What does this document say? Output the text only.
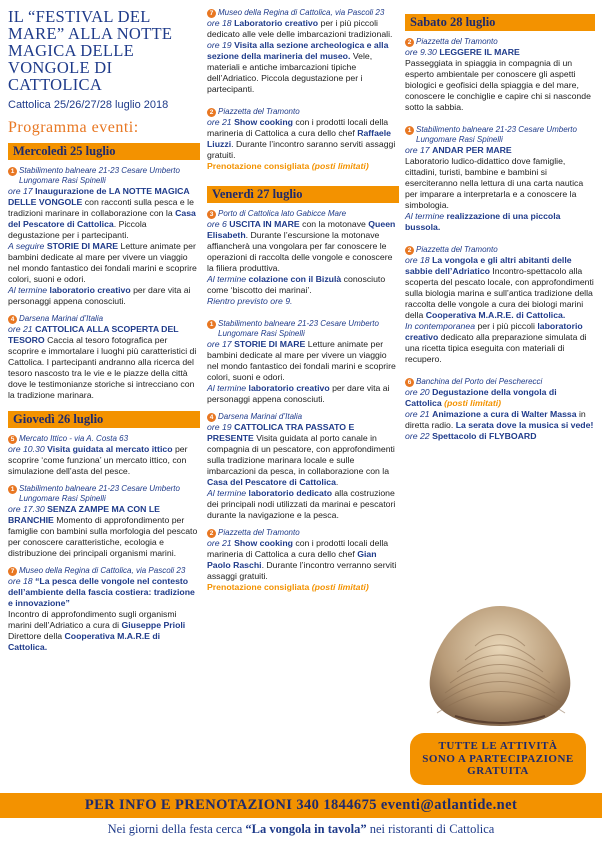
IL “FESTIVAL DEL MARE” ALLA NOTTE MAGICA DELLE VONGOLE DI CATTOLICA
Cattolica 25/26/27/28 luglio 2018
Programma eventi:
Mercoledì 25 luglio
1 Stabilimento balneare 21-23 Cesare Umberto
Lungomare Rasi Spinelli
ore 17 Inaugurazione de LA NOTTE MAGICA DELLE VONGOLE con racconti sulla pesca e le tradizioni marinare in collaborazione con la Casa del Pescatore di Cattolica. Piccola degustazione per i partecipanti.
A seguire STORIE DI MARE Letture animate per bambini dedicate al mare per vivere un viaggio nel mondo fantastico dei fondali marini e scoprire colori, suoni e odori.
Al termine laboratorio creativo per dare vita ai personaggi appena conosciuti.
4 Darsena Marinai d’Italia
ore 21 CATTOLICA ALLA SCOPERTA DEL TESORO Caccia al tesoro fotografica per scoprire e immortalare i luoghi più caratteristici di Cattolica. I partecipanti andranno alla ricerca del tesoro nascosto tra le vie e le piazze della città dove le testimonianze storiche si intrecciano con la tradizione marinara.
Giovedì 26 luglio
5 Mercato Ittico - via A. Costa 63
ore 10.30 Visita guidata al mercato ittico per scoprire ‘come funziona’ un mercato ittico, con simulazione dell’asta del pesce.
1 Stabilimento balneare 21-23 Cesare Umberto
Lungomare Rasi Spinelli
ore 17.30 SENZA ZAMPE MA CON LE BRANCHIE Momento di approfondimento per famiglie con bambini sulla morfologia del pescato per conoscere caratteristiche, ecologia e distribuzione dei principali organismi marini.
7 Museo della Regina di Cattolica, via Pascoli 23
ore 18 “La pesca delle vongole nel contesto dell’ambiente della fascia costiera: tradizione e innovazione”
Incontro di approfondimento sugli organismi marini dell’Adriatico a cura di Giuseppe Prioli Direttore della Cooperativa M.A.R.E di Cattolica.
7 Museo della Regina di Cattolica, via Pascoli 23
ore 18 Laboratorio creativo per i più piccoli dedicato alle vele delle imbarcazioni tradizionali.
ore 19 Visita alla sezione archeologica e alla sezione della marineria del museo. Vele, materiali e antiche imbarcazioni tipiche dell’Adriatico. Piccola degustazione per i partecipanti.
2 Piazzetta del Tramonto
ore 21 Show cooking con i prodotti locali della marineria di Cattolica a cura dello chef Raffaele Liuzzi. Durante l’incontro saranno serviti assaggi gratuiti.
Prenotazione consigliata (posti limitati)
Venerdì 27 luglio
3 Porto di Cattolica lato Gabicce Mare
ore 6 USCITA IN MARE con la motonave Queen Elisabeth. Durante l’escursione la motonave affiancherà una vongolara per far conoscere le operazioni di raccolta delle vongole e conoscere la filiera produttiva.
Al termine colazione con il Bizulà conosciuto come ‘biscotto dei marinai’.
Rientro previsto ore 9.
1 Stabilimento balneare 21-23 Cesare Umberto
Lungomare Rasi Spinelli
ore 17 STORIE DI MARE Letture animate per bambini dedicate al mare per vivere un viaggio nel mondo fantastico dei fondali marini e scoprire colori, suoni e odori.
Al termine laboratorio creativo per dare vita ai personaggi appena conosciuti.
4 Darsena Marinai d’Italia
ore 19 CATTOLICA TRA PASSATO E PRESENTE Visita guidata al porto canale in compagnia di un pescatore, con approfondimenti sulla tradizione marinara locale e sulle imbarcazioni da pesca, in collaborazione con la Casa del Pescatore di Cattolica.
Al termine laboratorio dedicato alla costruzione dei principali nodi utilizzati da marinai e pescatori durante la navigazione e la pesca.
2 Piazzetta del Tramonto
ore 21 Show cooking con i prodotti locali della marineria di Cattolica a cura dello chef Gian Paolo Raschi. Durante l’incontro verranno serviti assaggi gratuiti.
Prenotazione consigliata (posti limitati)
Sabato 28 luglio
2 Piazzetta del Tramonto
ore 9.30 LEGGERE IL MARE
Passeggiata in spiaggia in compagnia di un esperto ambientale per conoscere gli aspetti biologici e geofisici della spiaggia e del mare, conoscere le conchiglie e capire chi si nasconde sotto la sabbia.
1 Stabilimento balneare 21-23 Cesare Umberto
Lungomare Rasi Spinelli
ore 17 ANDAR PER MARE
Laboratorio ludico-didattico dove famiglie, cittadini, turisti, bambine e bambini si eserciteranno nella lettura di una carta nautica per imparare a interpretarla e a conoscere la simbologia.
Al termine realizzazione di una piccola bussola.
2 Piazzetta del Tramonto
ore 18 La vongola e gli altri abitanti delle sabbie dell’Adriatico Incontro-spettacolo alla scoperta del pescato locale, con approfondimenti sulla biologia marina e sull’antica tradizione della raccolta delle vongole a cura dei biologi marini della Cooperativa M.A.R.E. di Cattolica.
In contemporanea per i più piccoli laboratorio creativo dedicato alla preparazione simulata di una ricetta tipica eseguita con materiali di recupero.
6 Banchina del Porto dei Pescherecci
ore 20 Degustazione della vongola di Cattolica (posti limitati)
ore 21 Animazione a cura di Walter Massa in diretta radio. La serata dove la musica si vede!
ore 22 Spettacolo di FLYBOARD
TUTTE LE ATTIVITÀ
SONO A PARTECIPAZIONE
GRATUITA
PER INFO E PRENOTAZIONI 340 1844675 eventi@atlantide.net
Nei giorni della festa cerca “La vongola in tavola” nei ristoranti di Cattolica
